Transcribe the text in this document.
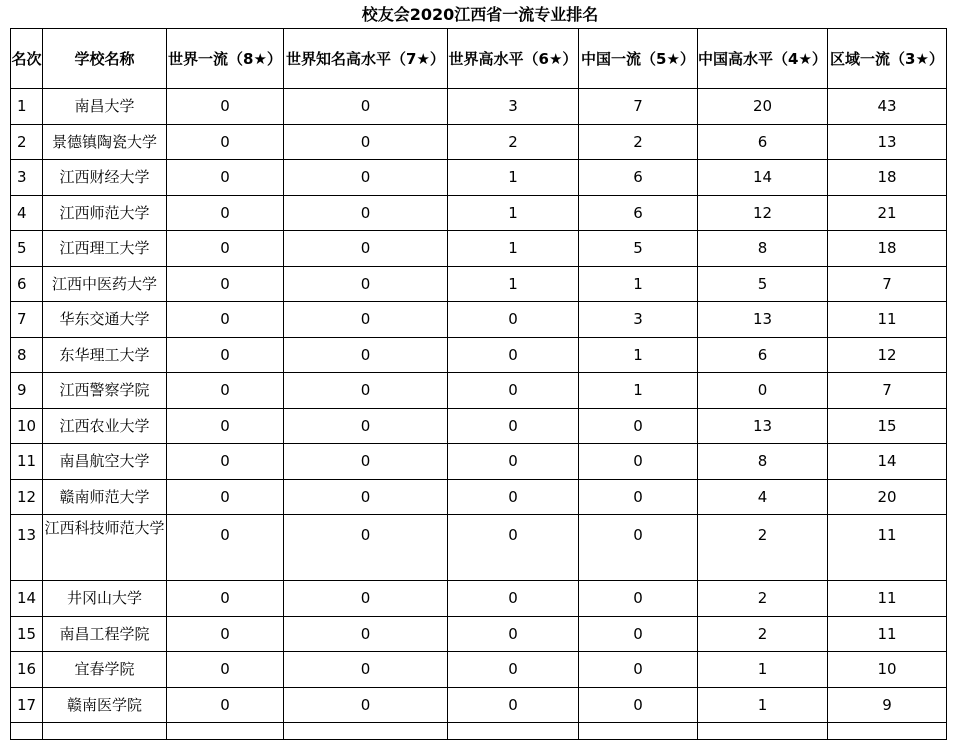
校友会2020江西省一流专业排名
名次	学校名称	世界一流（8★）	世界知名高水平（7★）	世界高水平（6★）	中国一流（5★）	中国高水平（4★）	区域一流（3★）
1	南昌大学	0	0	3	7	20	43
2	景德镇陶瓷大学	0	0	2	2	6	13
3	江西财经大学	0	0	1	6	14	18
4	江西师范大学	0	0	1	6	12	21
5	江西理工大学	0	0	1	5	8	18
6	江西中医药大学	0	0	1	1	5	7
7	华东交通大学	0	0	0	3	13	11
8	东华理工大学	0	0	0	1	6	12
9	江西警察学院	0	0	0	1	0	7
10	江西农业大学	0	0	0	0	13	15
11	南昌航空大学	0	0	0	0	8	14
12	赣南师范大学	0	0	0	0	4	20
13	江西科技师范大学	0	0	0	0	2	11
14	井冈山大学	0	0	0	0	2	11
15	南昌工程学院	0	0	0	0	2	11
16	宜春学院	0	0	0	0	1	10
17	赣南医学院	0	0	0	0	1	9
